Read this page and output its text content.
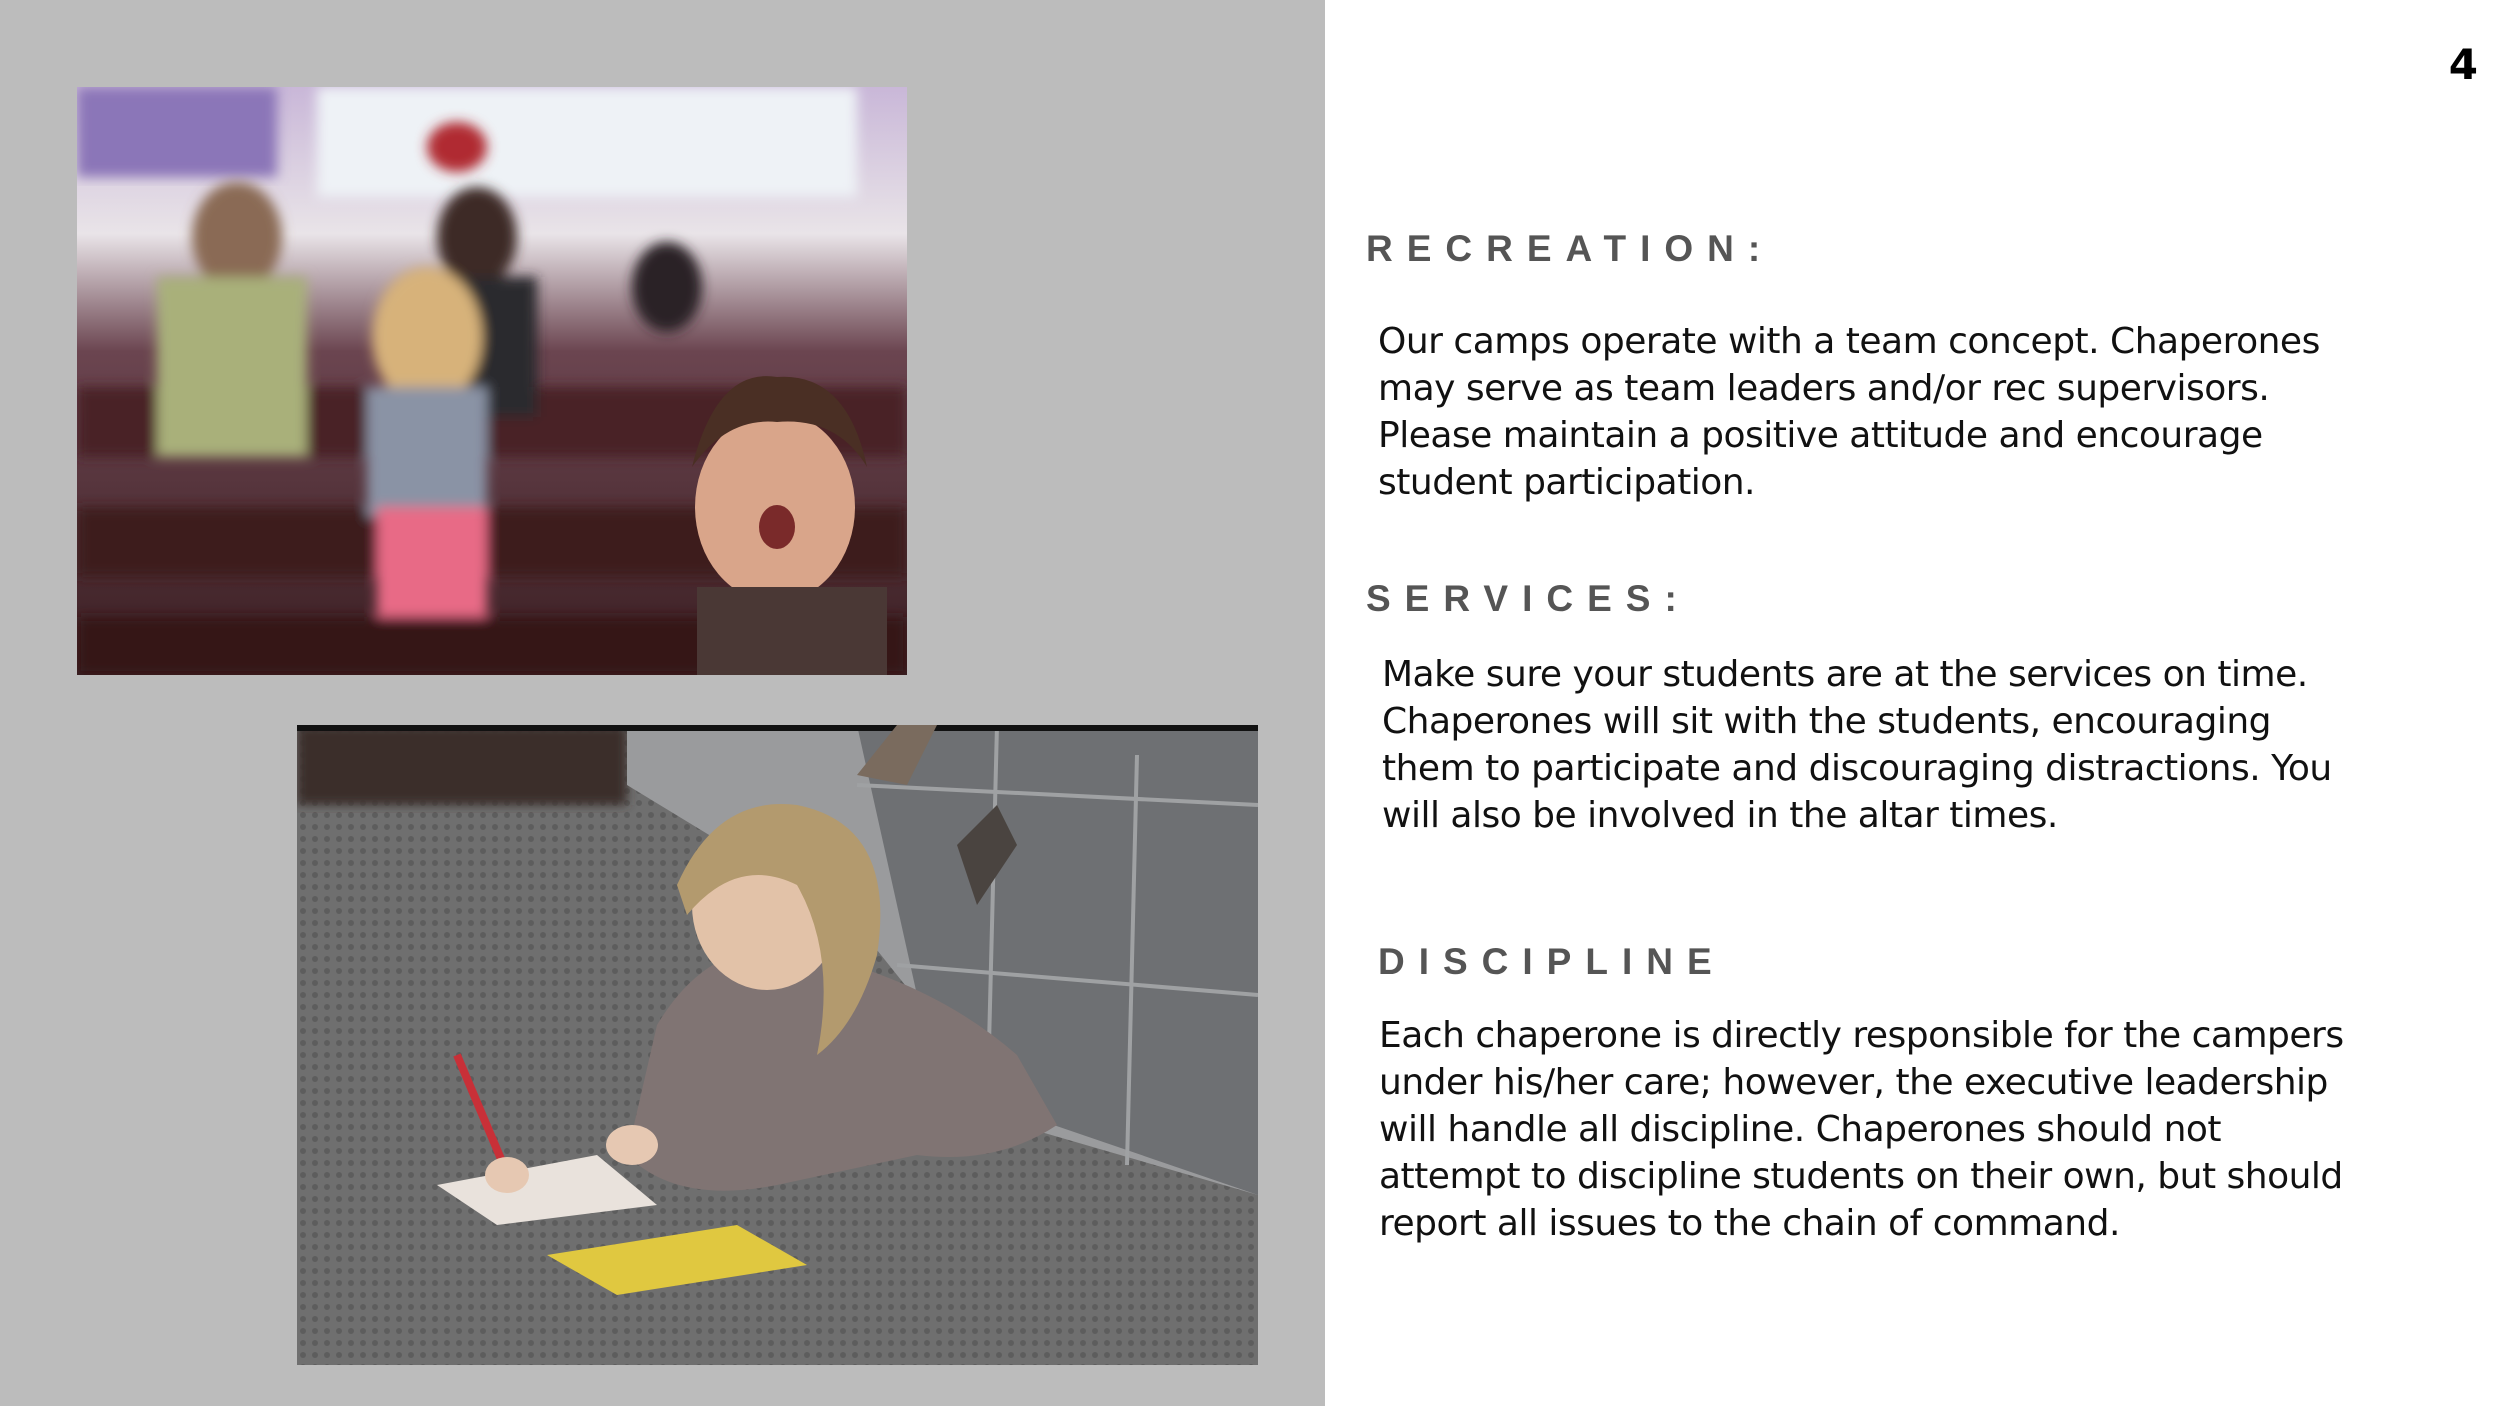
4
RECREATION:

Our camps operate with a team concept. Chaperones
may serve as team leaders and/or rec supervisors.
Please maintain a positive attitude and encourage
student participation.

SERVICES:

Make sure your students are at the services on time.
Chaperones will sit with the students, encouraging
them to participate and discouraging distractions. You
will also be involved in the altar times.

DISCIPLINE

Each chaperone is directly responsible for the campers
under his/her care; however, the executive leadership
will handle all discipline. Chaperones should not
attempt to discipline students on their own, but should
report all issues to the chain of command.
